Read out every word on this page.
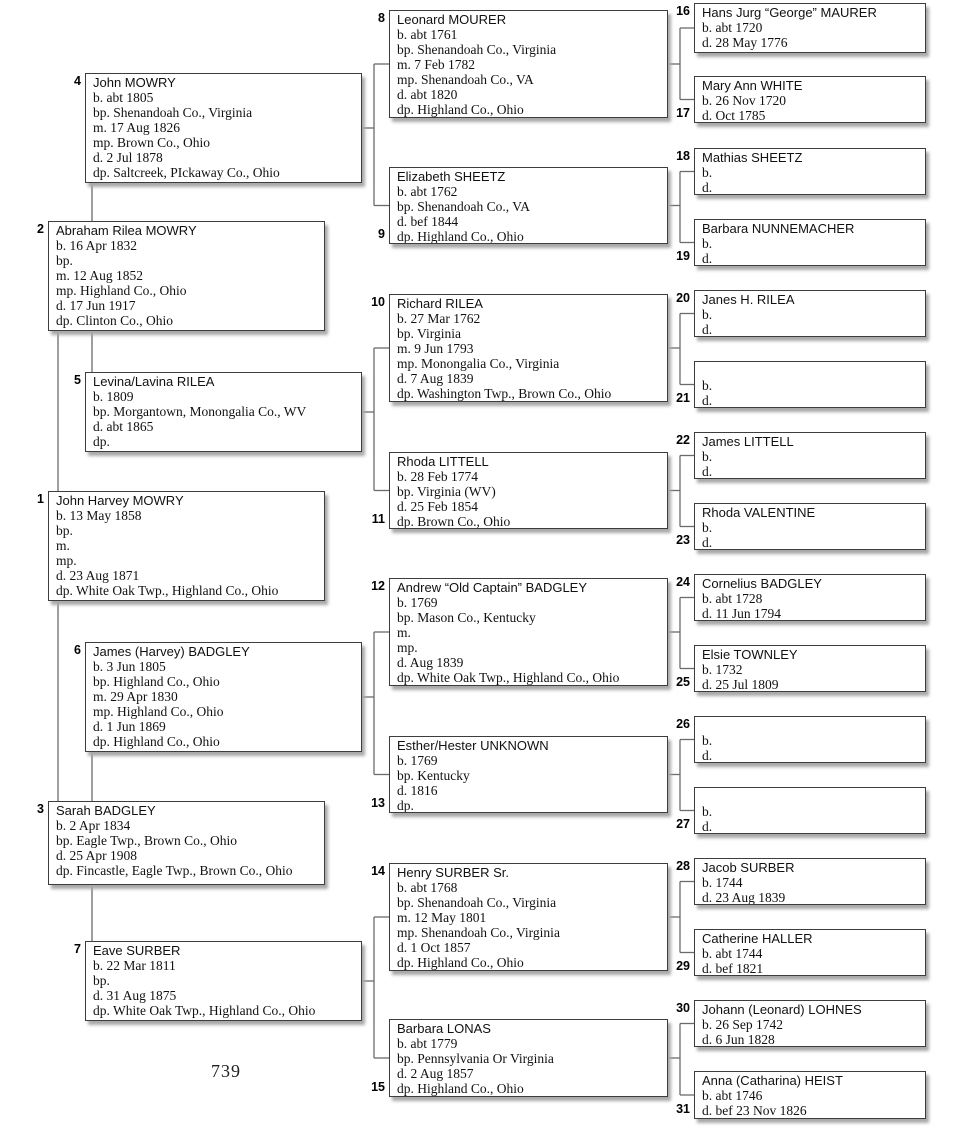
739
John Harvey MOWRY
b. 13 May 1858
bp.
m.
mp.
d. 23 Aug 1871
dp. White Oak Twp., Highland Co., Ohio
1
Abraham Rilea MOWRY
b. 16 Apr 1832
bp.
m. 12 Aug 1852
mp. Highland Co., Ohio
d. 17 Jun 1917
dp. Clinton Co., Ohio
2
Sarah BADGLEY
b. 2 Apr 1834
bp. Eagle Twp., Brown Co., Ohio
d. 25 Apr 1908
dp. Fincastle, Eagle Twp., Brown Co., Ohio
3
John MOWRY
b. abt 1805
bp. Shenandoah Co., Virginia
m. 17 Aug 1826
mp. Brown Co., Ohio
d. 2 Jul 1878
dp. Saltcreek, PIckaway Co., Ohio
4
Levina/Lavina RILEA
b. 1809
bp. Morgantown, Monongalia Co., WV
d. abt 1865
dp.
5
James (Harvey) BADGLEY
b. 3 Jun 1805
bp. Highland Co., Ohio
m. 29 Apr 1830
mp. Highland Co., Ohio
d. 1 Jun 1869
dp. Highland Co., Ohio
6
Eave SURBER
b. 22 Mar 1811
bp.
d. 31 Aug 1875
dp. White Oak Twp., Highland Co., Ohio
7
Leonard MOURER
b. abt 1761
bp. Shenandoah Co., Virginia
m. 7 Feb 1782
mp. Shenandoah Co., VA
d. abt 1820
dp. Highland Co., Ohio
8
Elizabeth SHEETZ
b. abt 1762
bp. Shenandoah Co., VA
d. bef 1844
dp. Highland Co., Ohio
9
Richard RILEA
b. 27 Mar 1762
bp. Virginia
m. 9 Jun 1793
mp. Monongalia Co., Virginia
d. 7 Aug 1839
dp. Washington Twp., Brown Co., Ohio
10
Rhoda LITTELL
b. 28 Feb 1774
bp. Virginia (WV)
d. 25 Feb 1854
dp. Brown Co., Ohio
11
Andrew “Old Captain” BADGLEY
b. 1769
bp. Mason Co., Kentucky
m.
mp.
d. Aug 1839
dp. White Oak Twp., Highland Co., Ohio
12
Esther/Hester UNKNOWN
b. 1769
bp. Kentucky
d. 1816
dp.
13
Henry SURBER Sr.
b. abt 1768
bp. Shenandoah Co., Virginia
m. 12 May 1801
mp. Shenandoah Co., Virginia
d. 1 Oct 1857
dp. Highland Co., Ohio
14
Barbara LONAS
b. abt 1779
bp. Pennsylvania Or Virginia
d. 2 Aug 1857
dp. Highland Co., Ohio
15
Hans Jurg “George” MAURER
b. abt 1720
d. 28 May 1776
16
Mary Ann WHITE
b. 26 Nov 1720
d. Oct 1785
17
Mathias SHEETZ
b.
d.
18
Barbara NUNNEMACHER
b.
d.
19
Janes H. RILEA
b.
d.
20
b.
d.
21
James LITTELL
b.
d.
22
Rhoda VALENTINE
b.
d.
23
Cornelius BADGLEY
b. abt 1728
d. 11 Jun 1794
24
Elsie TOWNLEY
b. 1732
d. 25 Jul 1809
25
b.
d.
26
b.
d.
27
Jacob SURBER
b. 1744
d. 23 Aug 1839
28
Catherine HALLER
b. abt 1744
d. bef 1821
29
Johann (Leonard) LOHNES
b. 26 Sep 1742
d. 6 Jun 1828
30
Anna (Catharina) HEIST
b. abt 1746
d. bef 23 Nov 1826
31
